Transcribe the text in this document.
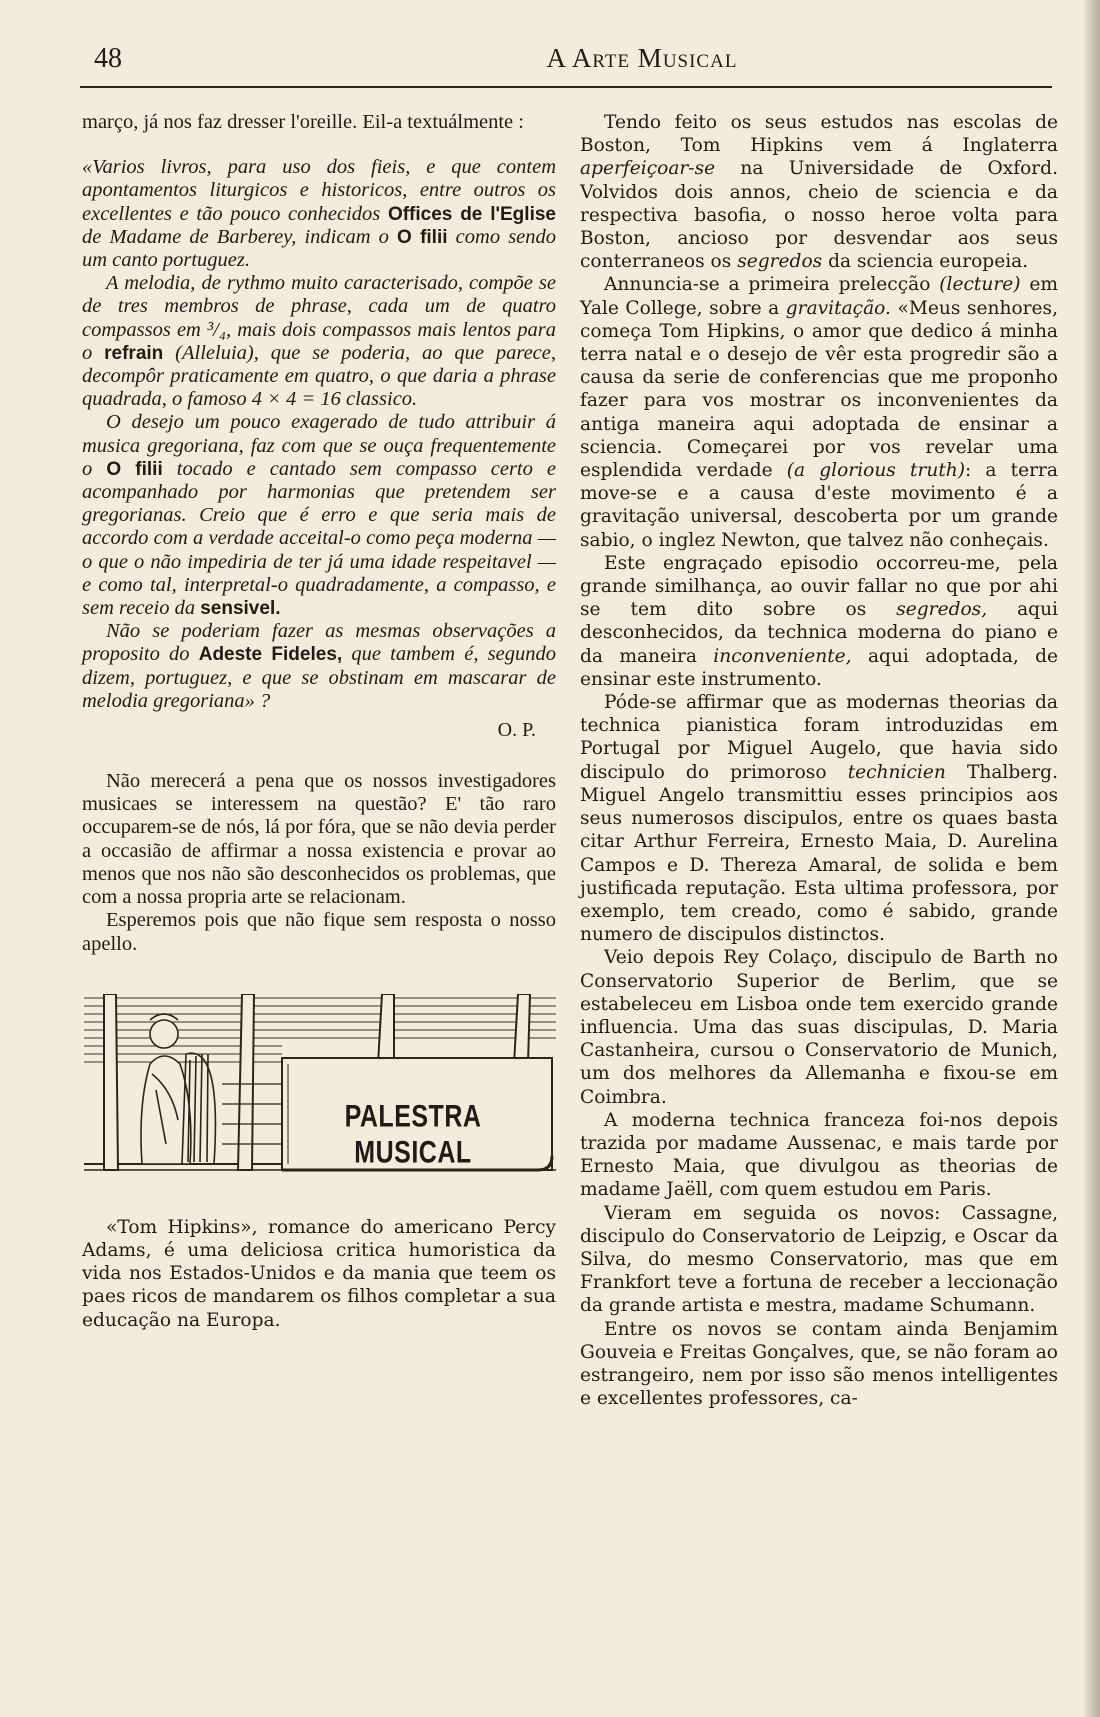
48	A Arte Musical

março, já nos faz dresser l'oreille. Eil-a textuálmente :

«Varios livros, para uso dos fieis, e que contem apontamentos liturgicos e historicos, entre outros os excellentes e tão pouco conhecidos Offices de l'Eglise de Madame de Barberey, indicam o O filii como sendo um canto portuguez.

A melodia, de rythmo muito caracterisado, compõe se de tres membros de phrase, cada um de quatro compassos em ³/₄, mais dois compassos mais lentos para o refrain (Alleluia), que se poderia, ao que parece, decompôr praticamente em quatro, o que daria a phrase quadrada, o famoso 4 × 4 = 16 classico.

O desejo um pouco exagerado de tudo attribuir á musica gregoriana, faz com que se ouça frequentemente o O filii tocado e cantado sem compasso certo e acompanhado por harmonias que pretendem ser gregorianas. Creio que é erro e que seria mais de accordo com a verdade acceital-o como peça moderna —o que o não impediria de ter já uma idade respeitavel — e como tal, interpretal-o quadradamente, a compasso, e sem receio da sensivel.

Não se poderiam fazer as mesmas observações a proposito do Adeste Fideles, que tambem é, segundo dizem, portuguez, e que se obstinam em mascarar de melodia gregoriana» ?

O. P.

Não merecerá a pena que os nossos investigadores musicaes se interessem na questão? E' tão raro occuparem-se de nós, lá por fóra, que se não devia perder a occasião de affirmar a nossa existencia e provar ao menos que nos não são desconhecidos os problemas, que com a nossa propria arte se relacionam.

Esperemos pois que não fique sem resposta o nosso apello.

PALESTRA MUSICAL

«Tom Hipkins», romance do americano Percy Adams, é uma deliciosa critica humoristica da vida nos Estados-Unidos e da mania que teem os paes ricos de mandarem os filhos completar a sua educação na Europa.

Tendo feito os seus estudos nas escolas de Boston, Tom Hipkins vem á Inglaterra aperfeiçoar-se na Universidade de Oxford. Volvidos dois annos, cheio de sciencia e da respectiva basofia, o nosso heroe volta para Boston, ancioso por desvendar aos seus conterraneos os segredos da sciencia europeia.

Annuncia-se a primeira prelecção (lecture) em Yale College, sobre a gravitação. «Meus senhores, começa Tom Hipkins, o amor que dedico á minha terra natal e o desejo de vêr esta progredir são a causa da serie de conferencias que me proponho fazer para vos mostrar os inconvenientes da antiga maneira aqui adoptada de ensinar a sciencia. Começarei por vos revelar uma esplendida verdade (a glorious truth): a terra move-se e a causa d'este movimento é a gravitação universal, descoberta por um grande sabio, o inglez Newton, que talvez não conheçais.

Este engraçado episodio occorreu-me, pela grande similhança, ao ouvir fallar no que por ahi se tem dito sobre os segredos, aqui desconhecidos, da technica moderna do piano e da maneira inconveniente, aqui adoptada, de ensinar este instrumento.

Póde-se affirmar que as modernas theorias da technica pianistica foram introduzidas em Portugal por Miguel Augelo, que havia sido discipulo do primoroso technicien Thalberg. Miguel Angelo transmittiu esses principios aos seus numerosos discipulos, entre os quaes basta citar Arthur Ferreira, Ernesto Maia, D. Aurelina Campos e D. Thereza Amaral, de solida e bem justificada reputação. Esta ultima professora, por exemplo, tem creado, como é sabido, grande numero de discipulos distinctos.

Veio depois Rey Colaço, discipulo de Barth no Conservatorio Superior de Berlim, que se estabeleceu em Lisboa onde tem exercido grande influencia. Uma das suas discipulas, D. Maria Castanheira, cursou o Conservatorio de Munich, um dos melhores da Allemanha e fixou-se em Coimbra.

A moderna technica franceza foi-nos depois trazida por madame Aussenac, e mais tarde por Ernesto Maia, que divulgou as theorias de madame Jaëll, com quem estudou em Paris.

Vieram em seguida os novos: Cassagne, discipulo do Conservatorio de Leipzig, e Oscar da Silva, do mesmo Conservatorio, mas que em Frankfort teve a fortuna de receber a leccionação da grande artista e mestra, madame Schumann.

Entre os novos se contam ainda Benjamim Gouveia e Freitas Gonçalves, que, se não foram ao estrangeiro, nem por isso são menos intelligentes e excellentes professores, ca-
